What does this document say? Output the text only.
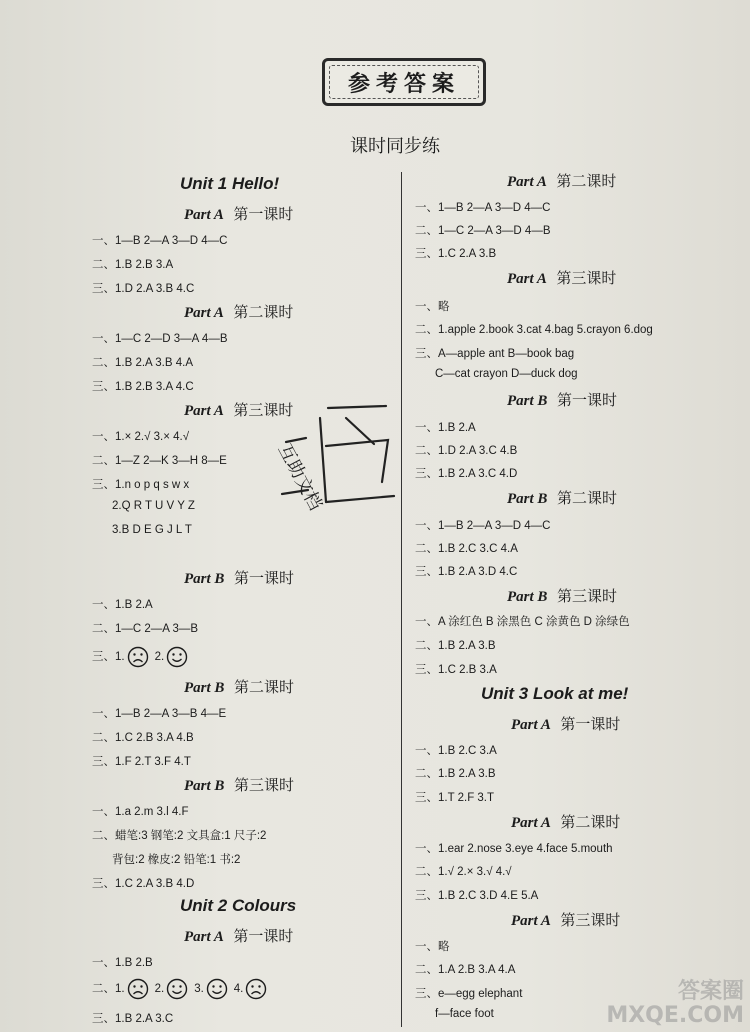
参考答案
课时同步练
Unit 1 Hello!
Part A 第一课时
一、1—B 2—A 3—D 4—C
二、1.B 2.B 3.A
三、1.D 2.A 3.B 4.C
Part A 第二课时
一、1—C 2—D 3—A 4—B
二、1.B 2.A 3.B 4.A
三、1.B 2.B 3.A 4.C
Part A 第三课时
一、1.× 2.√ 3.× 4.√
二、1—Z 2—K 3—H 8—E
三、1.n o p q s w x
2.Q R T U V Y Z
3.B D E G J L T
Part B 第一课时
一、1.B 2.A
二、1—C 2—A 3—B
三、1.	2.
Part B 第二课时
一、1—B 2—A 3—B 4—E
二、1.C 2.B 3.A 4.B
三、1.F 2.T 3.F 4.T
Part B 第三课时
一、1.a 2.m 3.l 4.F
二、蜡笔:3 钢笔:2 文具盒:1 尺子:2
背包:2 橡皮:2 铅笔:1 书:2
三、1.C 2.A 3.B 4.D
Unit 2 Colours
Part A 第一课时
一、1.B 2.B
二、1.	2.	3.	4.
三、1.B 2.A 3.C
Part A 第二课时
一、1—B 2—A 3—D 4—C
二、1—C 2—A 3—D 4—B
三、1.C 2.A 3.B
Part A 第三课时
一、略
二、1.apple 2.book 3.cat 4.bag 5.crayon 6.dog
三、A—apple ant B—book bag
C—cat crayon D—duck dog
Part B 第一课时
一、1.B 2.A
二、1.D 2.A 3.C 4.B
三、1.B 2.A 3.C 4.D
Part B 第二课时
一、1—B 2—A 3—D 4—C
二、1.B 2.C 3.C 4.A
三、1.B 2.A 3.D 4.C
Part B 第三课时
一、A 涂红色 B 涂黑色 C 涂黄色 D 涂绿色
二、1.B 2.A 3.B
三、1.C 2.B 3.A
Unit 3 Look at me!
Part A 第一课时
一、1.B 2.C 3.A
二、1.B 2.A 3.B
三、1.T 2.F 3.T
Part A 第二课时
一、1.ear 2.nose 3.eye 4.face 5.mouth
二、1.√ 2.× 3.√ 4.√
三、1.B 2.C 3.D 4.E 5.A
Part A 第三课时
一、略
二、1.A 2.B 3.A 4.A
三、e—egg elephant
f—face foot
互助文档
答案圈
MXQE.COM
